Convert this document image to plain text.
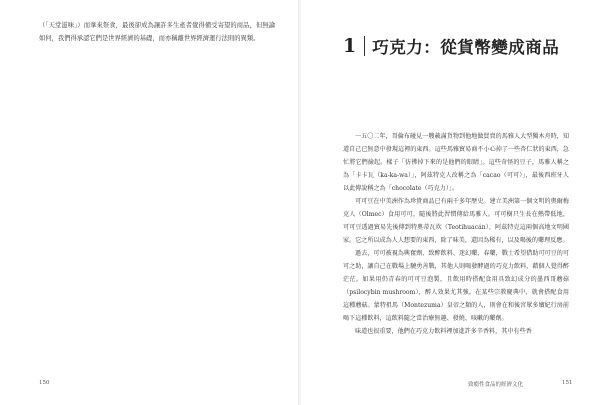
（「天堂滋味」）而拿來祭食，最後卻成為讓許多生產者覺得備受寄望的商品，但無論如何，我們得承認它們是世界經濟的基礎，而亦稱離世界經濟運行法則的異類。	1 巧克力：從貨幣變成商品

一五〇二年，哥倫布碰見一艘載滿貨物到他地做買賣的馬雅人大型獨木舟時，知道自己已無意中發現這裡的東西。這些馬雅貿易商不小心掉了一些杏仁狀的東西，急忙將它們撿起。樣子「彷彿掉下來的是他們的眼睛」。這些奇怪的豆子，馬雅人稱之為「卡卡瓦（ka-ka-wa）」，阿茲特克人改稱之為「cacao（可可）」，最後西班牙人以此傳說稱之為「chocolate（巧克力）」。

可可豆在中美洲作為珍貴商品已有兩千多年歷史。建立美洲第一個文明的奧爾梅克人（Olmec）食用可可，隨後將此習慣傳給馬雅人。可可樹只生長在熱帶低地，可可豆透過貿易先後傳到特奧蒂瓦坎（Teotihuacán），阿茲特克這兩個高地文明國家。它之所以成為人人想要的東西，除了味美，還因為稀有，以及喝後的藥理反應。

過去，可可被視為興奮劑、致醉飲料、迷幻藥、春藥，戰士希望借助可可豆的可可之助，讓自己在戰場上驍勇善戰，其他人則喝發酵過的巧克力飲料，藉個人覺得醉茫茫。如果用仍青春的可可豆泡製，且飲用時搭配食用具致幻成分的墨西哥蘑菇（psilocybin mushroom），醉人效果尤其強。在某些宗教慶典中，就會搭配食用這種蘑菇。蒙特祖馬（Montezuma）皇帝之類的人，則會在和後宮眾多嬪妃行房前喝下這種飲料，這飲料隨之當治療無趣、發燒、咳嗽的藥劑。

味道也很重要，他們在巧克力飲料裡加進許多辛香料，其中有些香

150	致瘾性食品的經濟文化	151
